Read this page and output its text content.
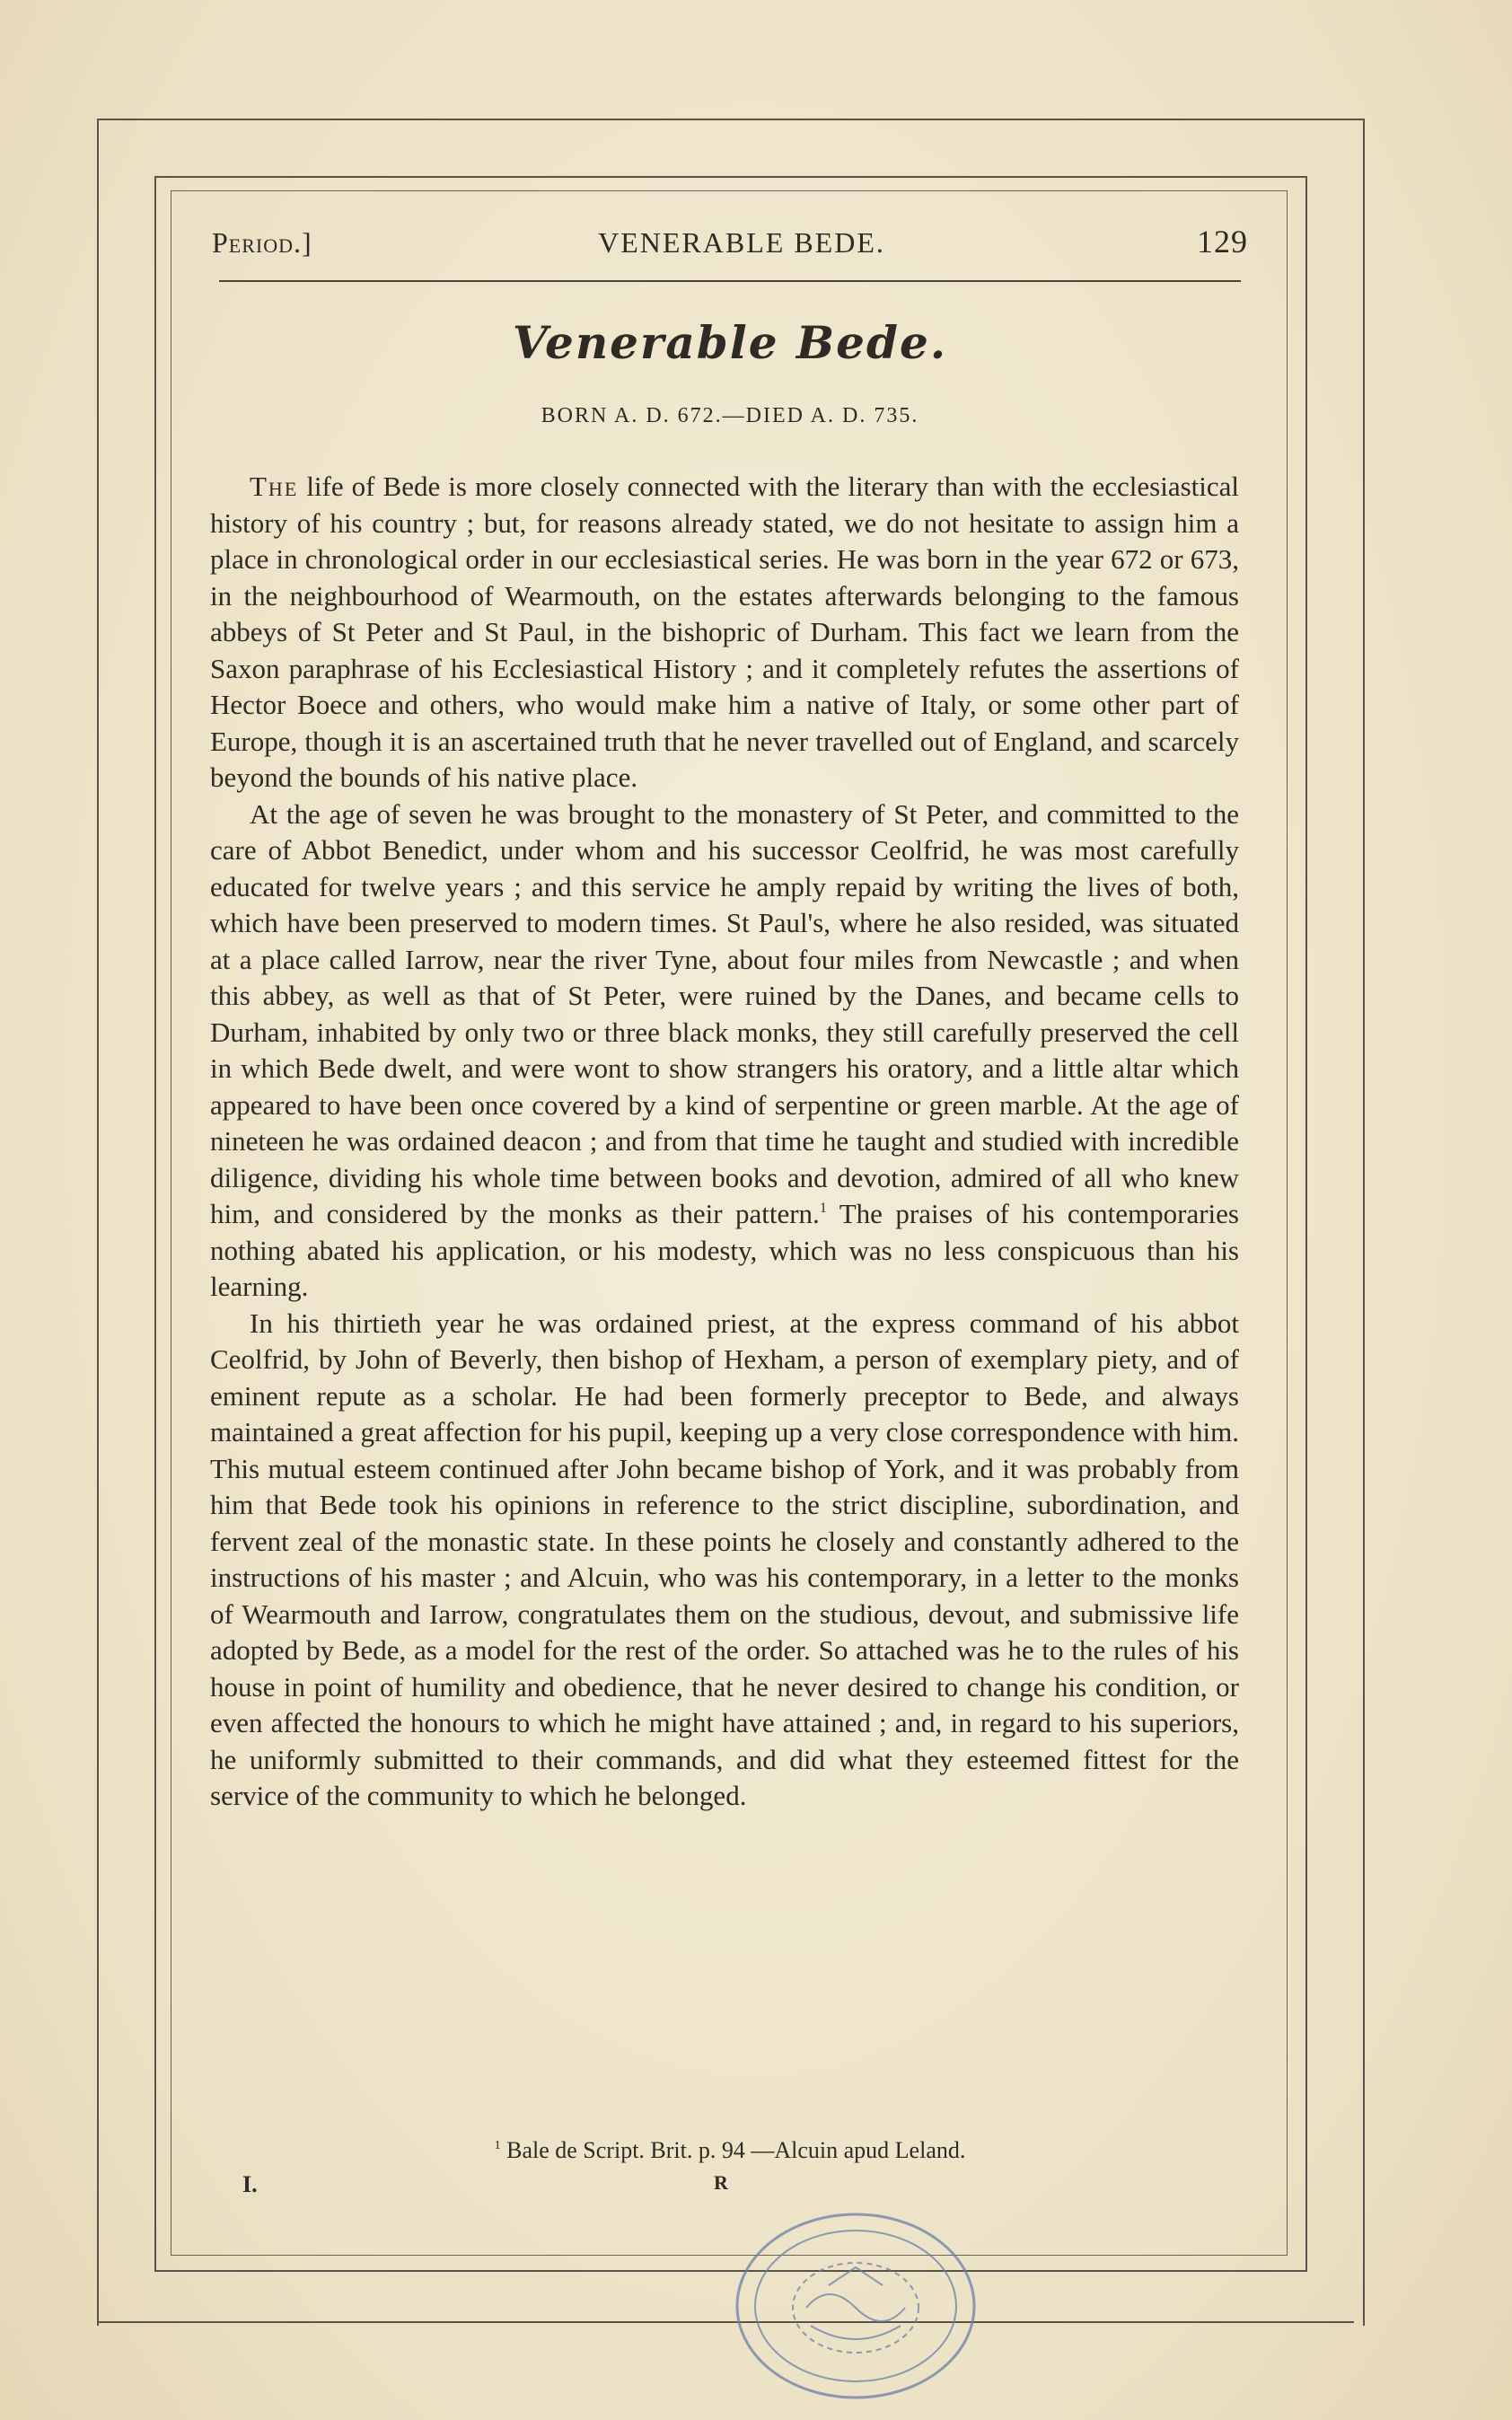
Period.]	VENERABLE BEDE.	129
Venerable Bede.
BORN A. D. 672.—DIED A. D. 735.

The life of Bede is more closely connected with the literary than with the ecclesiastical history of his country ; but, for reasons already stated, we do not hesitate to assign him a place in chronological order in our ecclesiastical series. He was born in the year 672 or 673, in the neighbourhood of Wearmouth, on the estates afterwards belonging to the famous abbeys of St Peter and St Paul, in the bishopric of Durham. This fact we learn from the Saxon paraphrase of his Ecclesiastical History ; and it completely refutes the assertions of Hector Boece and others, who would make him a native of Italy, or some other part of Europe, though it is an ascertained truth that he never travelled out of England, and scarcely beyond the bounds of his native place.

At the age of seven he was brought to the monastery of St Peter, and committed to the care of Abbot Benedict, under whom and his successor Ceolfrid, he was most carefully educated for twelve years ; and this service he amply repaid by writing the lives of both, which have been preserved to modern times. St Paul's, where he also resided, was situated at a place called Iarrow, near the river Tyne, about four miles from Newcastle ; and when this abbey, as well as that of St Peter, were ruined by the Danes, and became cells to Durham, inhabited by only two or three black monks, they still carefully preserved the cell in which Bede dwelt, and were wont to show strangers his oratory, and a little altar which appeared to have been once covered by a kind of serpentine or green marble. At the age of nineteen he was ordained deacon ; and from that time he taught and studied with incredible diligence, dividing his whole time between books and devotion, admired of all who knew him, and considered by the monks as their pattern.$^1$ The praises of his contemporaries nothing abated his application, or his modesty, which was no less conspicuous than his learning.

In his thirtieth year he was ordained priest, at the express command of his abbot Ceolfrid, by John of Beverly, then bishop of Hexham, a person of exemplary piety, and of eminent repute as a scholar. He had been formerly preceptor to Bede, and always maintained a great affection for his pupil, keeping up a very close correspondence with him. This mutual esteem continued after John became bishop of York, and it was probably from him that Bede took his opinions in reference to the strict discipline, subordination, and fervent zeal of the monastic state. In these points he closely and constantly adhered to the instructions of his master ; and Alcuin, who was his contemporary, in a letter to the monks of Wearmouth and Iarrow, congratulates them on the studious, devout, and submissive life adopted by Bede, as a model for the rest of the order. So attached was he to the rules of his house in point of humility and obedience, that he never desired to change his condition, or even affected the honours to which he might have attained ; and, in regard to his superiors, he uniformly submitted to their commands, and did what they esteemed fittest for the service of the community to which he belonged.

$^1$ Bale de Script. Brit. p. 94 —Alcuin apud Leland.
I.	R
